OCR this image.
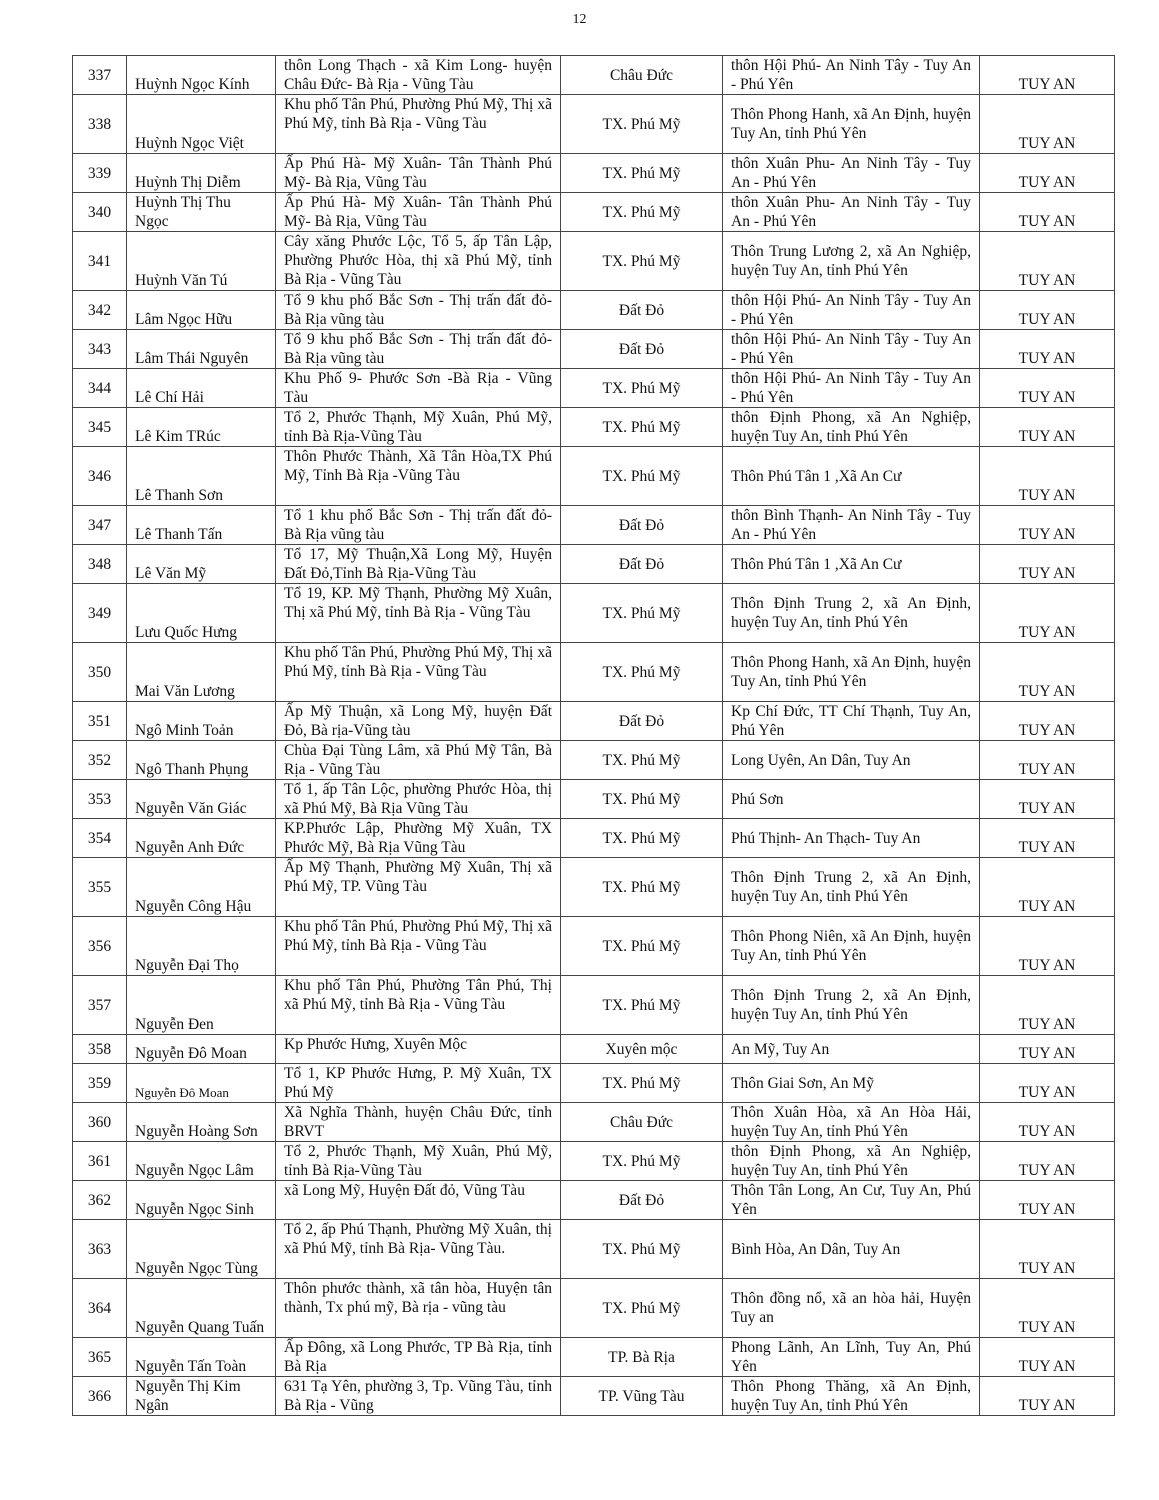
12
337	Huỳnh Ngọc Kính	thôn Long Thạch - xã Kim Long- huyện Châu Đức- Bà Rịa - Vũng Tàu	Châu Đức	thôn Hội Phú- An Ninh Tây - Tuy An - Phú Yên	TUY AN
338	Huỳnh Ngọc Việt	Khu phố Tân Phú, Phường Phú Mỹ, Thị xã Phú Mỹ, tỉnh Bà Rịa - Vũng Tàu	TX. Phú Mỹ	Thôn Phong Hanh, xã An Định, huyện Tuy An, tỉnh Phú Yên	TUY AN
339	Huỳnh Thị Diễm	Ấp Phú Hà- Mỹ Xuân- Tân Thành Phú Mỹ- Bà Rịa, Vũng Tàu	TX. Phú Mỹ	thôn Xuân Phu- An Ninh Tây - Tuy An - Phú Yên	TUY AN
340	Huỳnh Thị Thu Ngọc	Ấp Phú Hà- Mỹ Xuân- Tân Thành Phú Mỹ- Bà Rịa, Vũng Tàu	TX. Phú Mỹ	thôn Xuân Phu- An Ninh Tây - Tuy An - Phú Yên	TUY AN
341	Huỳnh Văn Tú	Cây xăng Phước Lộc, Tổ 5, ấp Tân Lập, Phường Phước Hòa, thị xã Phú Mỹ, tỉnh Bà Rịa - Vũng Tàu	TX. Phú Mỹ	Thôn Trung Lương 2, xã An Nghiệp, huyện Tuy An, tỉnh Phú Yên	TUY AN
342	Lâm Ngọc Hữu	Tổ 9 khu phố Bắc Sơn - Thị trấn đất đỏ- Bà Rịa vũng tàu	Đất Đỏ	thôn Hội Phú- An Ninh Tây - Tuy An - Phú Yên	TUY AN
343	Lâm Thái Nguyên	Tổ 9 khu phố Bắc Sơn - Thị trấn đất đỏ- Bà Rịa vũng tàu	Đất Đỏ	thôn Hội Phú- An Ninh Tây - Tuy An - Phú Yên	TUY AN
344	Lê Chí Hải	Khu Phố 9- Phước Sơn -Bà Rịa - Vũng Tàu	TX. Phú Mỹ	thôn Hội Phú- An Ninh Tây - Tuy An - Phú Yên	TUY AN
345	Lê Kim TRúc	Tổ 2, Phước Thạnh, Mỹ Xuân, Phú Mỹ, tỉnh Bà Rịa-Vũng Tàu	TX. Phú Mỹ	thôn Định Phong, xã An Nghiệp, huyện Tuy An, tỉnh Phú Yên	TUY AN
346	Lê Thanh Sơn	Thôn Phước Thành, Xã Tân Hòa,TX Phú Mỹ, Tỉnh Bà Rịa -Vũng Tàu	TX. Phú Mỹ	Thôn Phú Tân 1 ,Xã An Cư	TUY AN
347	Lê Thanh Tấn	Tổ 1 khu phố Bắc Sơn - Thị trấn đất đỏ- Bà Rịa vũng tàu	Đất Đỏ	thôn Bình Thạnh- An Ninh Tây - Tuy An - Phú Yên	TUY AN
348	Lê Văn Mỹ	Tổ 17, Mỹ Thuận,Xã Long Mỹ, Huyện Đất Đỏ,Tỉnh Bà Rịa-Vũng Tàu	Đất Đỏ	Thôn Phú Tân 1 ,Xã An Cư	TUY AN
349	Lưu Quốc Hưng	Tổ 19, KP. Mỹ Thạnh, Phường Mỹ Xuân, Thị xã Phú Mỹ, tỉnh Bà Rịa - Vũng Tàu	TX. Phú Mỹ	Thôn Định Trung 2, xã An Định, huyện Tuy An, tỉnh Phú Yên	TUY AN
350	Mai Văn Lương	Khu phố Tân Phú, Phường Phú Mỹ, Thị xã Phú Mỹ, tỉnh Bà Rịa - Vũng Tàu	TX. Phú Mỹ	Thôn Phong Hanh, xã An Định, huyện Tuy An, tỉnh Phú Yên	TUY AN
351	Ngô Minh Toản	Ấp Mỹ Thuận, xã Long Mỹ, huyện Đất Đỏ, Bà rịa-Vũng tàu	Đất Đỏ	Kp Chí Đức, TT Chí Thạnh, Tuy An, Phú Yên	TUY AN
352	Ngô Thanh Phụng	Chùa Đại Tùng Lâm, xã Phú Mỹ Tân, Bà Rịa - Vũng Tàu	TX. Phú Mỹ	Long Uyên, An Dân, Tuy An	TUY AN
353	Nguyễn Văn Giác	Tổ 1, ấp Tân Lộc, phường Phước Hòa, thị xã Phú Mỹ, Bà Rịa Vũng Tàu	TX. Phú Mỹ	Phú Sơn	TUY AN
354	Nguyễn Anh Đức	KP.Phước Lập, Phường Mỹ Xuân, TX Phước Mỹ, Bà Rịa Vũng Tàu	TX. Phú Mỹ	Phú Thịnh- An Thạch- Tuy An	TUY AN
355	Nguyễn Công Hậu	Ấp Mỹ Thạnh, Phường Mỹ Xuân, Thị xã Phú Mỹ, TP. Vũng Tàu	TX. Phú Mỹ	Thôn Định Trung 2, xã An Định, huyện Tuy An, tỉnh Phú Yên	TUY AN
356	Nguyễn Đại Thọ	Khu phố Tân Phú, Phường Phú Mỹ, Thị xã Phú Mỹ, tỉnh Bà Rịa - Vũng Tàu	TX. Phú Mỹ	Thôn Phong Niên, xã An Định, huyện Tuy An, tỉnh Phú Yên	TUY AN
357	Nguyễn Đen	Khu phố Tân Phú, Phường Tân Phú, Thị xã Phú Mỹ, tỉnh Bà Rịa - Vũng Tàu	TX. Phú Mỹ	Thôn Định Trung 2, xã An Định, huyện Tuy An, tỉnh Phú Yên	TUY AN
358	Nguyễn Đô Moan	Kp Phước Hưng, Xuyên Mộc	Xuyên mộc	An Mỹ, Tuy An	TUY AN
359	Nguyễn Đô Moan	Tổ 1, KP Phước Hưng, P. Mỹ Xuân, TX Phú Mỹ	TX. Phú Mỹ	Thôn Giai Sơn, An Mỹ	TUY AN
360	Nguyễn Hoàng Sơn	Xã Nghĩa Thành, huyện Châu Đức, tỉnh BRVT	Châu Đức	Thôn Xuân Hòa, xã An Hòa Hải, huyện Tuy An, tỉnh Phú Yên	TUY AN
361	Nguyễn Ngọc Lâm	Tổ 2, Phước Thạnh, Mỹ Xuân, Phú Mỹ, tỉnh Bà Rịa-Vũng Tàu	TX. Phú Mỹ	thôn Định Phong, xã An Nghiệp, huyện Tuy An, tỉnh Phú Yên	TUY AN
362	Nguyễn Ngọc Sinh	xã Long Mỹ, Huyện Đất đỏ, Vũng Tàu	Đất Đỏ	Thôn Tân Long, An Cư, Tuy An, Phú Yên	TUY AN
363	Nguyễn Ngọc Tùng	Tổ 2, ấp Phú Thạnh, Phường Mỹ Xuân, thị xã Phú Mỹ, tỉnh Bà Rịa- Vũng Tàu.	TX. Phú Mỹ	Bình Hòa, An Dân, Tuy An	TUY AN
364	Nguyễn Quang Tuấn	Thôn phước thành, xã tân hòa, Huyện tân thành, Tx phú mỹ, Bà rịa - vũng tàu	TX. Phú Mỹ	Thôn đồng nổ, xã an hòa hải, Huyện Tuy an	TUY AN
365	Nguyễn Tấn Toàn	Ấp Đông, xã Long Phước, TP Bà Rịa, tỉnh Bà Rịa	TP. Bà Rịa	Phong Lãnh, An Lĩnh, Tuy An, Phú Yên	TUY AN
366	Nguyễn Thị Kim Ngân	631 Tạ Yên, phường 3, Tp. Vũng Tàu, tỉnh Bà Rịa - Vũng	TP. Vũng Tàu	Thôn Phong Thăng, xã An Định, huyện Tuy An, tỉnh Phú Yên	TUY AN
